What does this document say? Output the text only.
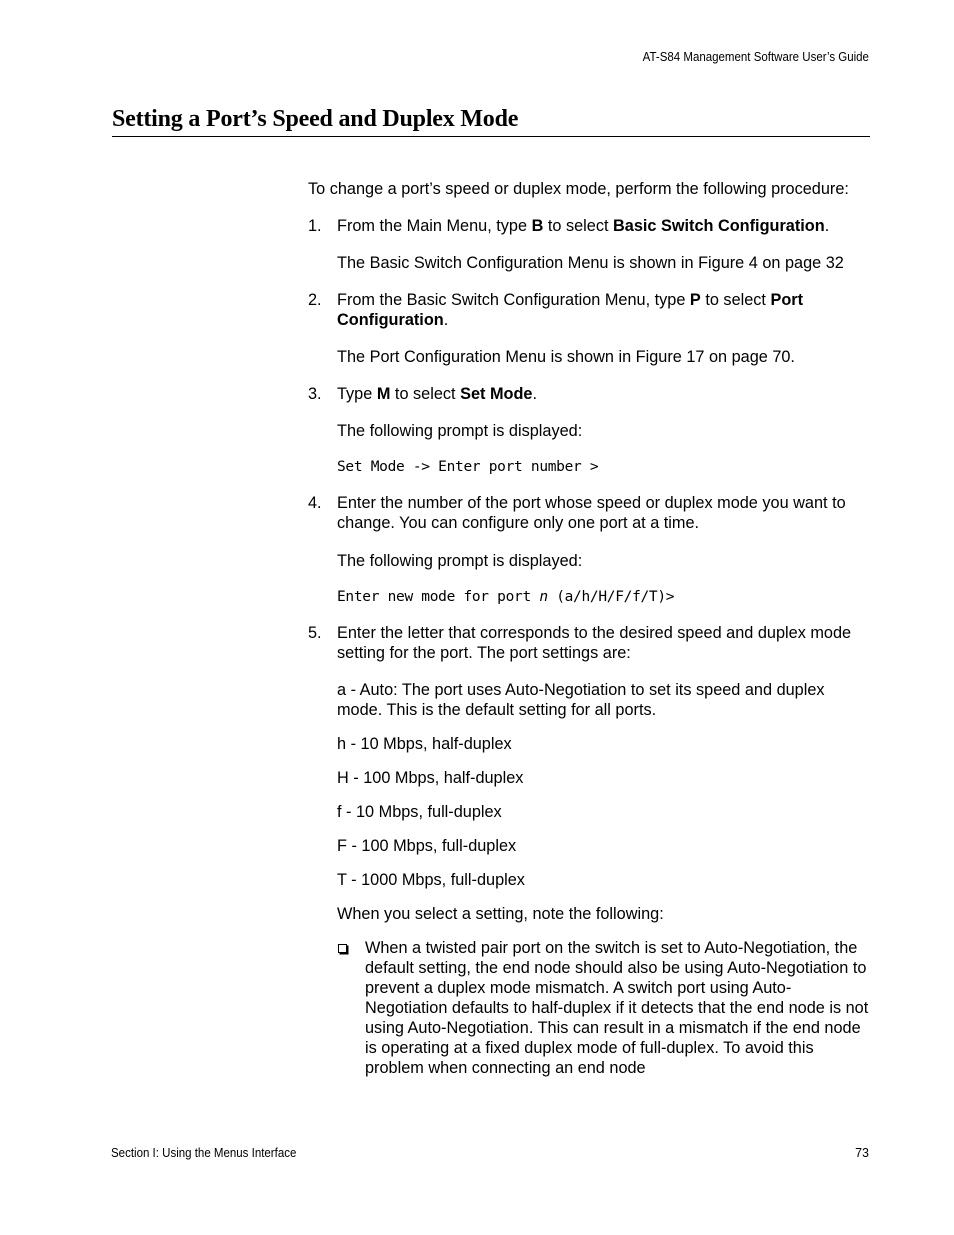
AT-S84 Management Software User’s Guide
Setting a Port’s Speed and Duplex Mode

To change a port’s speed or duplex mode, perform the following procedure:

1. From the Main Menu, type B to select Basic Switch Configuration.

The Basic Switch Configuration Menu is shown in Figure 4 on page 32

2. From the Basic Switch Configuration Menu, type P to select Port Configuration.

The Port Configuration Menu is shown in Figure 17 on page 70.

3. Type M to select Set Mode.

The following prompt is displayed:

Set Mode -> Enter port number >

4. Enter the number of the port whose speed or duplex mode you want to change. You can configure only one port at a time.

The following prompt is displayed:

Enter new mode for port n (a/h/H/F/f/T)>

5. Enter the letter that corresponds to the desired speed and duplex mode setting for the port. The port settings are:

a - Auto: The port uses Auto-Negotiation to set its speed and duplex mode. This is the default setting for all ports.

h - 10 Mbps, half-duplex

H - 100 Mbps, half-duplex

f - 10 Mbps, full-duplex

F - 100 Mbps, full-duplex

T - 1000 Mbps, full-duplex

When you select a setting, note the following:

When a twisted pair port on the switch is set to Auto-Negotiation, the default setting, the end node should also be using Auto-Negotiation to prevent a duplex mode mismatch. A switch port using Auto-Negotiation defaults to half-duplex if it detects that the end node is not using Auto-Negotiation. This can result in a mismatch if the end node is operating at a fixed duplex mode of full-duplex. To avoid this problem when connecting an end node
Section I: Using the Menus Interface	73
